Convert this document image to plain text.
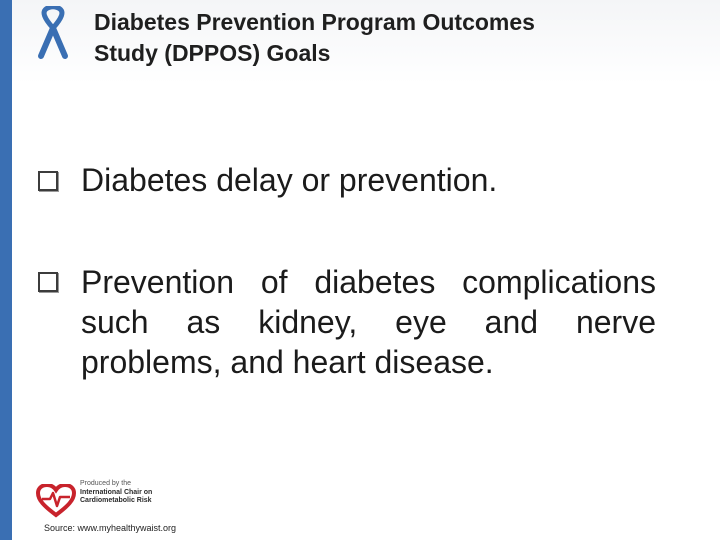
Diabetes Prevention Program Outcomes
Study (DPPOS) Goals

Diabetes delay or prevention.

Prevention of diabetes complications
such as kidney, eye and nerve
problems, and heart disease.

Produced by the
International Chair on
Cardiometabolic Risk
Source: www.myhealthywaist.org
